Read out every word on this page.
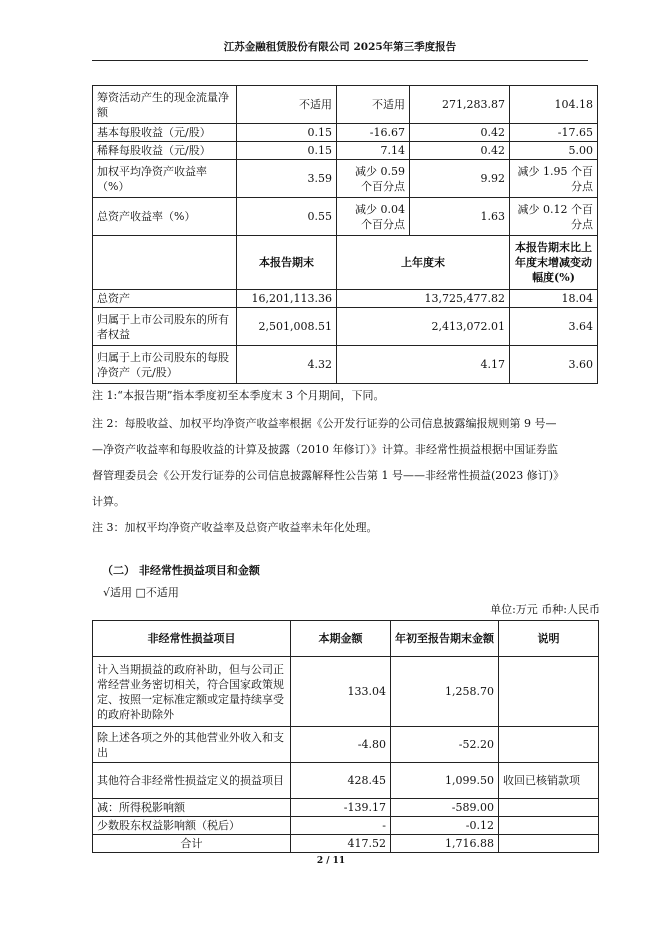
江苏金融租赁股份有限公司 2025年第三季度报告
筹资活动产生的现金流量净额	不适用	不适用	271,283.87	104.18
基本每股收益（元/股）	0.15	-16.67	0.42	-17.65
稀释每股收益（元/股）	0.15	7.14	0.42	5.00
加权平均净资产收益率（%）	3.59	减少 0.59 个百分点	9.92	减少 1.95 个百分点
总资产收益率（%）	0.55	减少 0.04 个百分点	1.63	减少 0.12 个百分点
	本报告期末	上年度末		本报告期末比上年度末增减变动幅度(%)
总资产	16,201,113.36	13,725,477.82		18.04
归属于上市公司股东的所有者权益	2,501,008.51	2,413,072.01		3.64
归属于上市公司股东的每股净资产（元/股）	4.32	4.17		3.60
注 1:“本报告期”指本季度初至本季度末 3 个月期间，下同。
注 2：每股收益、加权平均净资产收益率根据《公开发行证券的公司信息披露编报规则第 9 号—
—净资产收益率和每股收益的计算及披露（2010 年修订）》计算。非经常性损益根据中国证券监
督管理委员会《公开发行证券的公司信息披露解释性公告第 1 号——非经常性损益(2023 修订)》
计算。
注 3：加权平均净资产收益率及总资产收益率未年化处理。
（二） 非经常性损益项目和金额
√适用 □不适用
单位:万元 币种:人民币
非经常性损益项目	本期金额	年初至报告期末金额	说明
计入当期损益的政府补助，但与公司正常经营业务密切相关，符合国家政策规定、按照一定标准定额或定量持续享受的政府补助除外	133.04	1,258.70	
除上述各项之外的其他营业外收入和支出	-4.80	-52.20	
其他符合非经常性损益定义的损益项目	428.45	1,099.50	收回已核销款项
减：所得税影响额	-139.17	-589.00	
少数股东权益影响额（税后）	-	-0.12	
合计	417.52	1,716.88	
2 / 11
